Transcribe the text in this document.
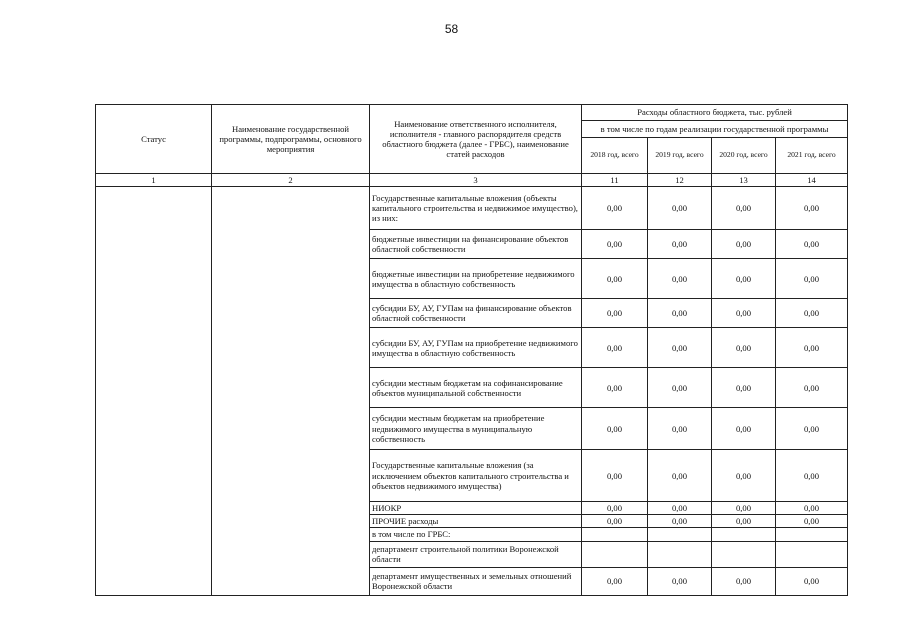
58
Статус	Наименование государственной программы, подпрограммы, основного мероприятия	Наименование ответственного исполнителя, исполнителя - главного распорядителя средств областного бюджета (далее - ГРБС), наименование статей расходов	Расходы областного бюджета, тыс. рублей			
			в том числе по годам реализации государственной программы			
			2018 год, всего	2019 год, всего	2020 год, всего	2021 год, всего
1	2	3	11	12	13	14
		Государственные капитальные вложения (объекты капитального строительства и недвижимое имущество), из них:	0,00	0,00	0,00	0,00
		бюджетные инвестиции на финансирование объектов областной собственности	0,00	0,00	0,00	0,00
		бюджетные инвестиции на приобретение недвижимого имущества в областную собственность	0,00	0,00	0,00	0,00
		субсидии БУ, АУ, ГУПам на финансирование объектов областной собственности	0,00	0,00	0,00	0,00
		субсидии БУ, АУ, ГУПам на приобретение недвижимого имущества в областную собственность	0,00	0,00	0,00	0,00
		субсидии местным бюджетам на софинансирование объектов муниципальной собственности	0,00	0,00	0,00	0,00
		субсидии местным бюджетам на приобретение недвижимого имущества в муниципальную собственность	0,00	0,00	0,00	0,00
		Государственные капитальные вложения (за исключением объектов капитального строительства и объектов недвижимого имущества)	0,00	0,00	0,00	0,00
		НИОКР	0,00	0,00	0,00	0,00
		ПРОЧИЕ расходы	0,00	0,00	0,00	0,00
		в том числе по ГРБС:				
		департамент строительной политики Воронежской области				
		департамент имущественных и земельных отношений Воронежской области	0,00	0,00	0,00	0,00
